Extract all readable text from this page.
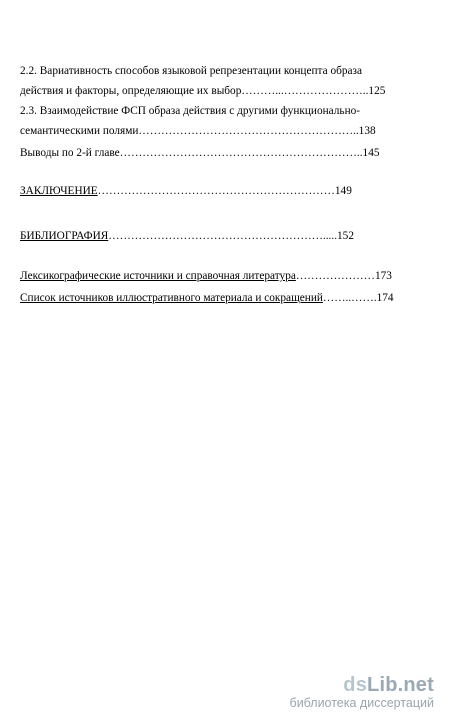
2.2. Вариативность способов языковой репрезентации концепта образа
действия и факторы, определяющие их выбор………...…………………..125
2.3. Взаимодействие ФСП образа действия с другими функционально-
семантическими полями…………………………………………………..138
Выводы по 2-й главе………………………………………………………..145
ЗАКЛЮЧЕНИЕ………………………………………………………149
БИБЛИОГРАФИЯ………………………………………………….....152
Лексикографические источники и справочная литература…………………173
Список источников иллюстративного материала и сокращений……..…….174
dsLib.net
библиотека диссертаций
